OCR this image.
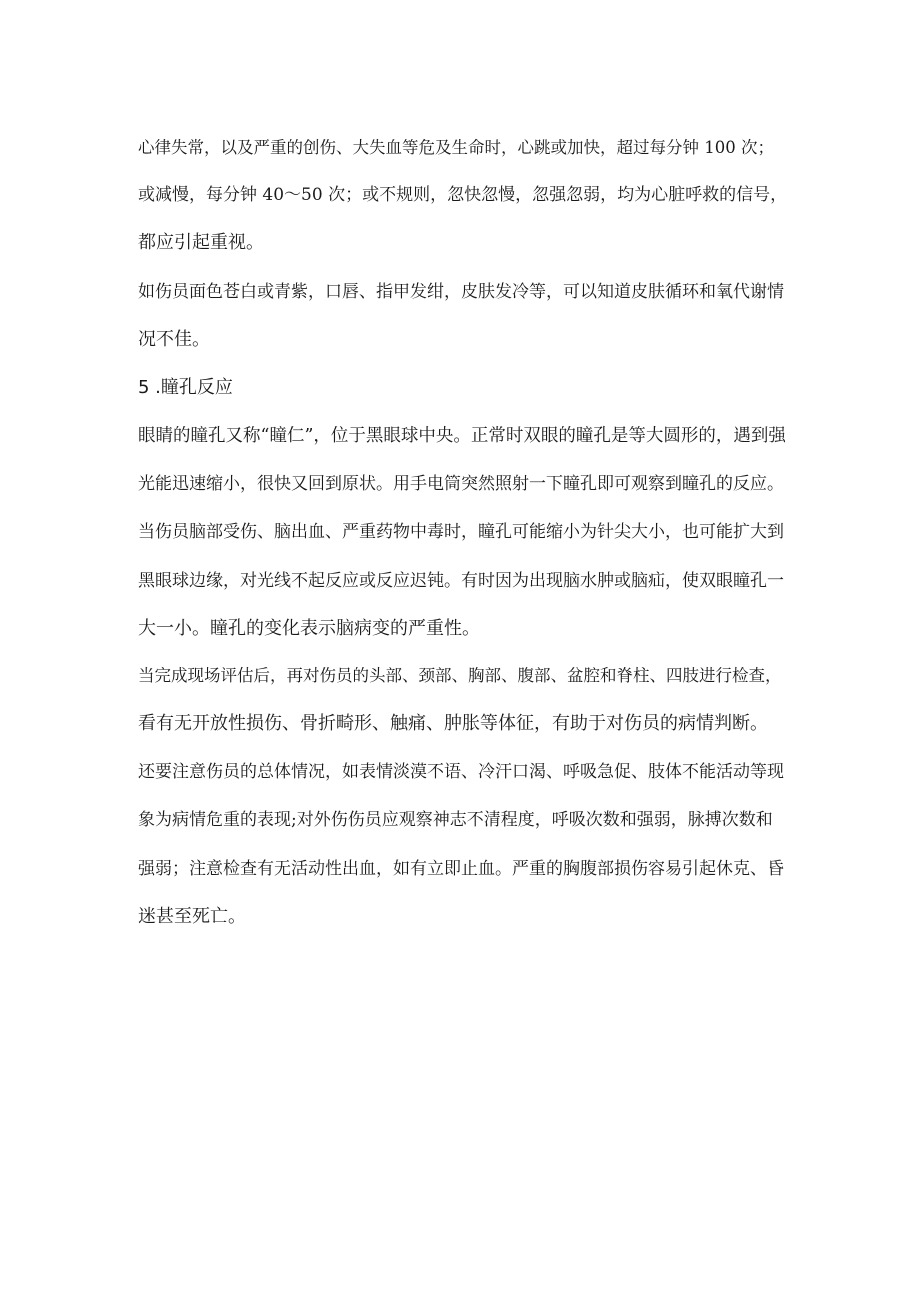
心律失常，以及严重的创伤、大失血等危及生命时，心跳或加快，超过每分钟 100 次；

或减慢，每分钟 40～50 次；或不规则，忽快忽慢，忽强忽弱，均为心脏呼救的信号，

都应引起重视。

如伤员面色苍白或青紫，口唇、指甲发绀，皮肤发冷等，可以知道皮肤循环和氧代谢情

况不佳。

5 .瞳孔反应

眼睛的瞳孔又称“瞳仁”，位于黑眼球中央。正常时双眼的瞳孔是等大圆形的，遇到强

光能迅速缩小，很快又回到原状。用手电筒突然照射一下瞳孔即可观察到瞳孔的反应。

当伤员脑部受伤、脑出血、严重药物中毒时，瞳孔可能缩小为针尖大小，也可能扩大到

黑眼球边缘，对光线不起反应或反应迟钝。有时因为出现脑水肿或脑疝，使双眼瞳孔一

大一小。瞳孔的变化表示脑病变的严重性。

当完成现场评估后，再对伤员的头部、颈部、胸部、腹部、盆腔和脊柱、四肢进行检查，

看有无开放性损伤、骨折畸形、触痛、肿胀等体征，有助于对伤员的病情判断。

还要注意伤员的总体情况，如表情淡漠不语、冷汗口渴、呼吸急促、肢体不能活动等现

象为病情危重的表现;对外伤伤员应观察神志不清程度，呼吸次数和强弱，脉搏次数和

强弱；注意检查有无活动性出血，如有立即止血。严重的胸腹部损伤容易引起休克、昏

迷甚至死亡。
